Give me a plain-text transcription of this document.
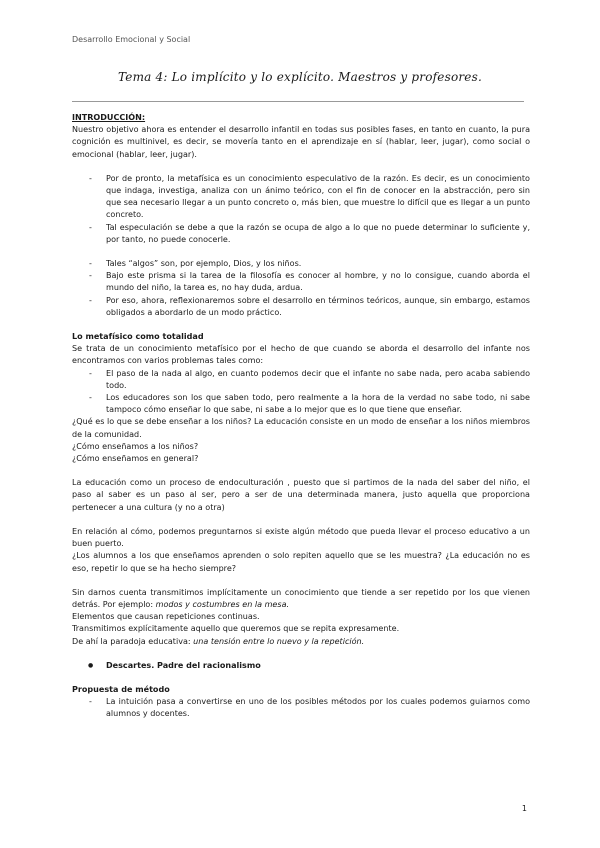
Desarrollo Emocional y Social
Tema 4: Lo implícito y lo explícito. Maestros y profesores.

INTRODUCCIÓN:

Nuestro objetivo ahora es entender el desarrollo infantil en todas sus posibles fases, en tanto en cuanto, la pura cognición es multinivel, es decir, se movería tanto en el aprendizaje en sí (hablar, leer, jugar), como social o emocional (hablar, leer, jugar).

- Por de pronto, la metafísica es un conocimiento especulativo de la razón. Es decir, es un conocimiento que indaga, investiga, analiza con un ánimo teórico, con el fin de conocer en la abstracción, pero sin que sea necesario llegar a un punto concreto o, más bien, que muestre lo difícil que es llegar a un punto concreto.
- Tal especulación se debe a que la razón se ocupa de algo a lo que no puede determinar lo suficiente y, por tanto, no puede conocerle.
- Tales “algos” son, por ejemplo, Dios, y los niños.
- Bajo este prisma si la tarea de la filosofía es conocer al hombre, y no lo consigue, cuando aborda el mundo del niño, la tarea es, no hay duda, ardua.
- Por eso, ahora, reflexionaremos sobre el desarrollo en términos teóricos, aunque, sin embargo, estamos obligados a abordarlo de un modo práctico.

Lo metafísico como totalidad

Se trata de un conocimiento metafísico por el hecho de que cuando se aborda el desarrollo del infante nos encontramos con varios problemas tales como:

- El paso de la nada al algo, en cuanto podemos decir que el infante no sabe nada, pero acaba sabiendo todo.
- Los educadores son los que saben todo, pero realmente a la hora de la verdad no sabe todo, ni sabe tampoco cómo enseñar lo que sabe, ni sabe a lo mejor que es lo que tiene que enseñar.

¿Qué es lo que se debe enseñar a los niños? La educación consiste en un modo de enseñar a los niños miembros de la comunidad.

¿Cómo enseñamos a los niños?

¿Cómo enseñamos en general?

La educación como un proceso de endoculturación , puesto que si partimos de la nada del saber del niño, el paso al saber es un paso al ser, pero a ser de una determinada manera, justo aquella que proporciona pertenecer a una cultura (y no a otra)

En relación al cómo, podemos preguntarnos si existe algún método que pueda llevar el proceso educativo a un buen puerto.

¿Los alumnos a los que enseñamos aprenden o solo repiten aquello que se les muestra? ¿La educación no es eso, repetir lo que se ha hecho siempre?

Sin darnos cuenta transmitimos implícitamente un conocimiento que tiende a ser repetido por los que vienen detrás. Por ejemplo: modos y costumbres en la mesa.

Elementos que causan repeticiones continuas.

Transmitimos explícitamente aquello que queremos que se repita expresamente.

De ahí la paradoja educativa: una tensión entre lo nuevo y la repetición.

● Descartes. Padre del racionalismo

Propuesta de método

- La intuición pasa a convertirse en uno de los posibles métodos por los cuales podemos guiarnos como alumnos y docentes.
1
